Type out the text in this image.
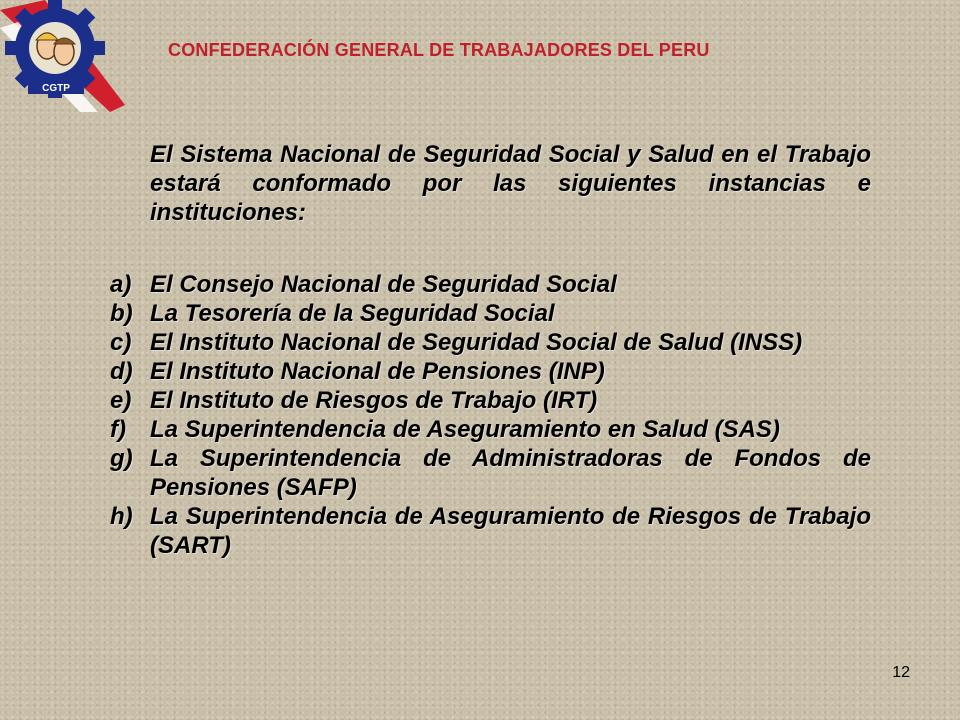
CGTP
CONFEDERACIÓN GENERAL DE TRABAJADORES DEL PERU

El Sistema Nacional de Seguridad Social y Salud en el Trabajo estará conformado por las siguientes instancias e instituciones:

a) El Consejo Nacional de Seguridad Social
b) La Tesorería de la Seguridad Social
c) El Instituto Nacional de Seguridad Social de Salud (INSS)
d) El Instituto Nacional de Pensiones (INP)
e) El Instituto de Riesgos de Trabajo (IRT)
f)	La Superintendencia de Aseguramiento en Salud (SAS)
g) La Superintendencia de Administradoras de Fondos de Pensiones (SAFP)
h) La Superintendencia de Aseguramiento de Riesgos de Trabajo (SART)
12
